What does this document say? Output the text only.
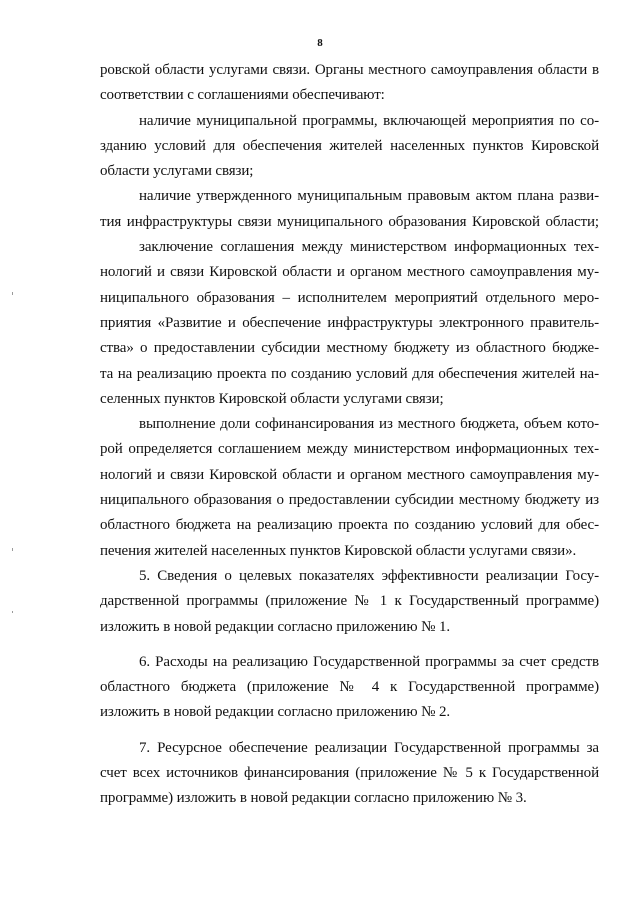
8
ровской области услугами связи. Органы местного самоуправления области в
соответствии с соглашениями обеспечивают:
наличие муниципальной программы, включающей мероприятия по со-
зданию условий для обеспечения жителей населенных пунктов Кировской
области услугами связи;
наличие утвержденного муниципальным правовым актом плана разви-
тия инфраструктуры связи муниципального образования Кировской области;
заключение соглашения между министерством информационных тех-
нологий и связи Кировской области и органом местного самоуправления му-
ниципального образования – исполнителем мероприятий отдельного меро-
приятия «Развитие и обеспечение инфраструктуры электронного правитель-
ства» о предоставлении субсидии местному бюджету из областного бюдже-
та на реализацию проекта по созданию условий для обеспечения жителей на-
селенных пунктов Кировской области услугами связи;
выполнение доли софинансирования из местного бюджета, объем кото-
рой определяется соглашением между министерством информационных тех-
нологий и связи Кировской области и органом местного самоуправления му-
ниципального образования о предоставлении субсидии местному бюджету из
областного бюджета на реализацию проекта по созданию условий для обес-
печения жителей населенных пунктов Кировской области услугами связи».
5. Сведения о целевых показателях эффективности реализации Госу-
дарственной программы (приложение № 1 к Государственный программе)
изложить в новой редакции согласно приложению № 1.
6. Расходы на реализацию Государственной программы за счет средств
областного бюджета (приложение № 4 к Государственной программе)
изложить в новой редакции согласно приложению № 2.
7. Ресурсное обеспечение реализации Государственной программы за
счет всех источников финансирования (приложение № 5 к Государственной
программе) изложить в новой редакции согласно приложению № 3.
